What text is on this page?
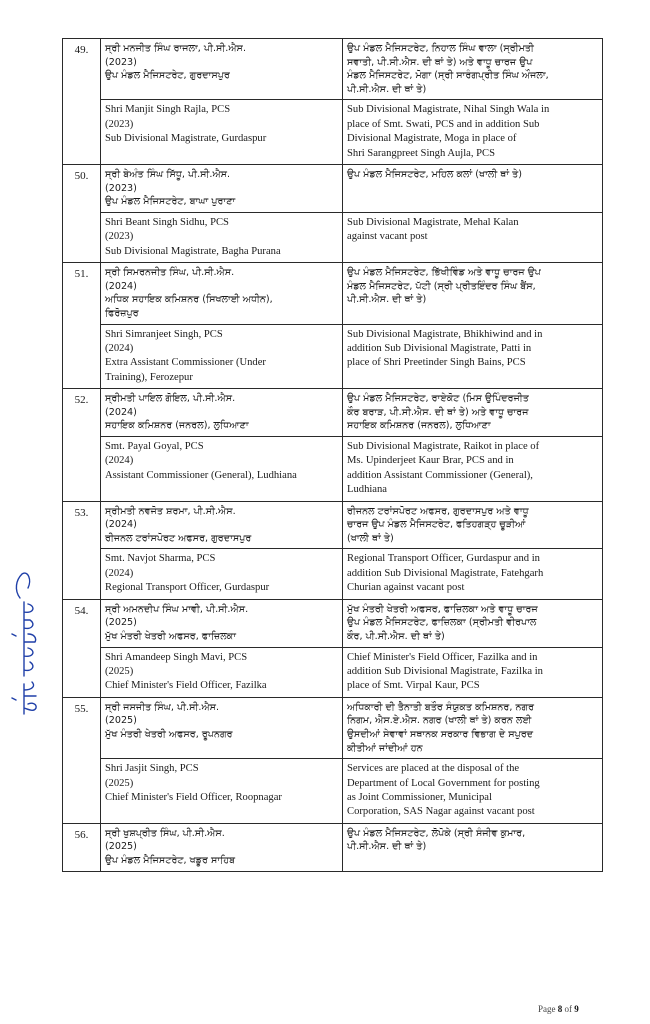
49.	ਸ੍ਰੀ ਮਨਜੀਤ ਸਿੰਘ ਰਾਜਲਾ, ਪੀ.ਸੀ.ਐਸ.
(2023)
ਉਪ ਮੰਡਲ ਮੈਜਿਸਟਰੇਟ, ਗੁਰਦਾਸਪੁਰ	ਉਪ ਮੰਡਲ ਮੈਜਿਸਟਰੇਟ, ਨਿਹਾਲ ਸਿੰਘ ਵਾਲਾ (ਸ੍ਰੀਮਤੀ
ਸਵਾਤੀ, ਪੀ.ਸੀ.ਐਸ. ਦੀ ਥਾਂ ਤੇ) ਅਤੇ ਵਾਧੂ ਚਾਰਜ ਉਪ
ਮੰਡਲ ਮੈਜਿਸਟਰੇਟ, ਮੋਗਾ (ਸ੍ਰੀ ਸਾਰੰਗਪ੍ਰੀਤ ਸਿੰਘ ਔਜਲਾ,
ਪੀ.ਸੀ.ਐਸ. ਦੀ ਥਾਂ ਤੇ)

	Shri Manjit Singh Rajla, PCS
(2023)
Sub Divisional Magistrate, Gurdaspur	Sub Divisional Magistrate, Nihal Singh Wala in
place of Smt. Swati, PCS and in addition Sub
Divisional Magistrate, Moga in place of
Shri Sarangpreet Singh Aujla, PCS

50.	ਸ੍ਰੀ ਬੇਅੰਤ ਸਿੰਘ ਸਿੱਧੂ, ਪੀ.ਸੀ.ਐਸ.
(2023)
ਉਪ ਮੰਡਲ ਮੈਜਿਸਟਰੇਟ, ਬਾਘਾ ਪੁਰਾਣਾ	ਉਪ ਮੰਡਲ ਮੈਜਿਸਟਰੇਟ, ਮਹਿਲ ਕਲਾਂ (ਖਾਲੀ ਥਾਂ ਤੇ)

	Shri Beant Singh Sidhu, PCS
(2023)
Sub Divisional Magistrate, Bagha Purana	Sub Divisional Magistrate, Mehal Kalan
against vacant post

51.	ਸ੍ਰੀ ਸਿਮਰਨਜੀਤ ਸਿੰਘ, ਪੀ.ਸੀ.ਐਸ.
(2024)
ਅਧਿਕ ਸਹਾਇਕ ਕਮਿਸ਼ਨਰ (ਸਿਖਲਾਈ ਅਧੀਨ),
ਫਿਰੋਜ਼ਪੁਰ	ਉਪ ਮੰਡਲ ਮੈਜਿਸਟਰੇਟ, ਭਿੱਖੀਵਿੰਡ ਅਤੇ ਵਾਧੂ ਚਾਰਜ ਉਪ
ਮੰਡਲ ਮੈਜਿਸਟਰੇਟ, ਪੱਟੀ (ਸ੍ਰੀ ਪ੍ਰੀਤਇੰਦਰ ਸਿੰਘ ਬੈਂਸ,
ਪੀ.ਸੀ.ਐਸ. ਦੀ ਥਾਂ ਤੇ)

	Shri Simranjeet Singh, PCS
(2024)
Extra Assistant Commissioner (Under
Training), Ferozepur	Sub Divisional Magistrate, Bhikhiwind and in
addition Sub Divisional Magistrate, Patti in
place of Shri Preetinder Singh Bains, PCS

52.	ਸ੍ਰੀਮਤੀ ਪਾਇਲ ਗੋਇਲ, ਪੀ.ਸੀ.ਐਸ.
(2024)
ਸਹਾਇਕ ਕਮਿਸ਼ਨਰ (ਜਨਰਲ), ਲੁਧਿਆਣਾ	ਉਪ ਮੰਡਲ ਮੈਜਿਸਟਰੇਟ, ਰਾਏਕੋਟ (ਮਿਸ ਉਪਿੰਦਰਜੀਤ
ਕੌਰ ਬਰਾੜ, ਪੀ.ਸੀ.ਐਸ. ਦੀ ਥਾਂ ਤੇ) ਅਤੇ ਵਾਧੂ ਚਾਰਜ
ਸਹਾਇਕ ਕਮਿਸ਼ਨਰ (ਜਨਰਲ), ਲੁਧਿਆਣਾ

	Smt. Payal Goyal, PCS
(2024)
Assistant Commissioner (General), Ludhiana	Sub Divisional Magistrate, Raikot in place of
Ms. Upinderjeet Kaur Brar, PCS and in
addition Assistant Commissioner (General),
Ludhiana

53.	ਸ੍ਰੀਮਤੀ ਨਵਜੋਤ ਸ਼ਰਮਾ, ਪੀ.ਸੀ.ਐਸ.
(2024)
ਰੀਜਨਲ ਟਰਾਂਸਪੋਰਟ ਅਫਸਰ, ਗੁਰਦਾਸਪੁਰ	ਰੀਜਨਲ ਟਰਾਂਸਪੋਰਟ ਅਫਸਰ, ਗੁਰਦਾਸਪੁਰ ਅਤੇ ਵਾਧੂ
ਚਾਰਜ ਉਪ ਮੰਡਲ ਮੈਜਿਸਟਰੇਟ, ਫਤਿਹਗੜ੍ਹ ਚੂੜੀਆਂ
(ਖਾਲੀ ਥਾਂ ਤੇ)

	Smt. Navjot Sharma, PCS
(2024)
Regional Transport Officer, Gurdaspur	Regional Transport Officer, Gurdaspur and in
addition Sub Divisional Magistrate, Fatehgarh
Churian against vacant post

54.	ਸ੍ਰੀ ਅਮਨਦੀਪ ਸਿੰਘ ਮਾਵੀ, ਪੀ.ਸੀ.ਐਸ.
(2025)
ਮੁੱਖ ਮੰਤਰੀ ਖੇਤਰੀ ਅਫਸਰ, ਫਾਜ਼ਿਲਕਾ	ਮੁੱਖ ਮੰਤਰੀ ਖੇਤਰੀ ਅਫਸਰ, ਫਾਜ਼ਿਲਕਾ ਅਤੇ ਵਾਧੂ ਚਾਰਜ
ਉਪ ਮੰਡਲ ਮੈਜਿਸਟਰੇਟ, ਫਾਜ਼ਿਲਕਾ (ਸ੍ਰੀਮਤੀ ਵੀਰਪਾਲ
ਕੌਰ, ਪੀ.ਸੀ.ਐਸ. ਦੀ ਥਾਂ ਤੇ)

	Shri Amandeep Singh Mavi, PCS
(2025)
Chief Minister's Field Officer, Fazilka	Chief Minister's Field Officer, Fazilka and in
addition Sub Divisional Magistrate, Fazilka in
place of Smt. Virpal Kaur, PCS

55.	ਸ੍ਰੀ ਜਸਜੀਤ ਸਿੰਘ, ਪੀ.ਸੀ.ਐਸ.
(2025)
ਮੁੱਖ ਮੰਤਰੀ ਖੇਤਰੀ ਅਫਸਰ, ਰੂਪਨਗਰ	ਅਧਿਕਾਰੀ ਦੀ ਤੈਨਾਤੀ ਬਤੌਰ ਸੰਯੁਕਤ ਕਮਿਸ਼ਨਰ, ਨਗਰ
ਨਿਗਮ, ਐਸ.ਏ.ਐਸ. ਨਗਰ (ਖਾਲੀ ਥਾਂ ਤੇ) ਕਰਨ ਲਈ
ਉਸਦੀਆਂ ਸੇਵਾਵਾਂ ਸਥਾਨਕ ਸਰਕਾਰ ਵਿਭਾਗ ਦੇ ਸਪੁਰਦ
ਕੀਤੀਆਂ ਜਾਂਦੀਆਂ ਹਨ

	Shri Jasjit Singh, PCS
(2025)
Chief Minister's Field Officer, Roopnagar	Services are placed at the disposal of the
Department of Local Government for posting
as Joint Commissioner, Municipal
Corporation, SAS Nagar against vacant post

56.	ਸ੍ਰੀ ਖੁਸ਼ਪ੍ਰੀਤ ਸਿੰਘ, ਪੀ.ਸੀ.ਐਸ.
(2025)
ਉਪ ਮੰਡਲ ਮੈਜਿਸਟਰੇਟ, ਖਡੂਰ ਸਾਹਿਬ	ਉਪ ਮੰਡਲ ਮੈਜਿਸਟਰੇਟ, ਲੋਪੋਕੇ (ਸ੍ਰੀ ਸੰਜੀਵ ਕੁਮਾਰ,
ਪੀ.ਸੀ.ਐਸ. ਦੀ ਥਾਂ ਤੇ)
Page 8 of 9
